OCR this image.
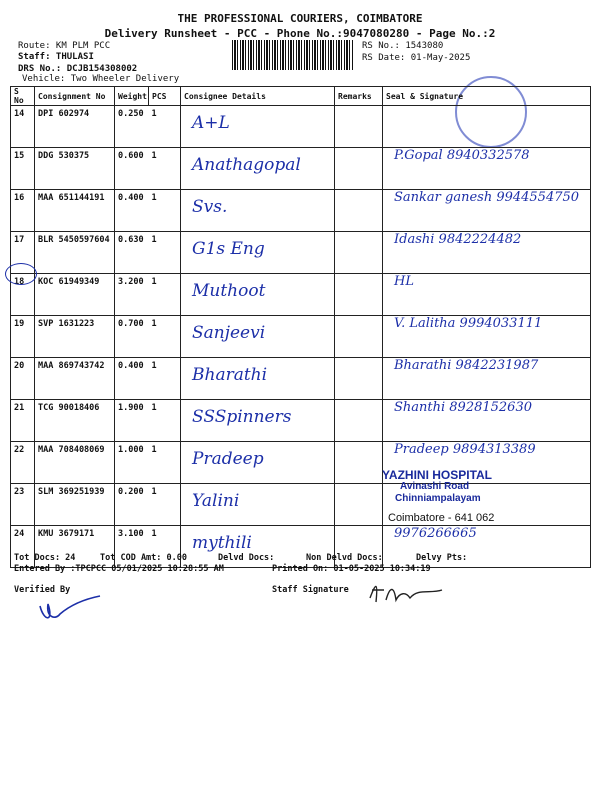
THE PROFESSIONAL COURIERS, COIMBATORE
Delivery Runsheet - PCC - Phone No.:9047080280 - Page No.:2
Route: KM PLM PCC
Staff: THULASI
DRS No.: DCJB154308002
Vehicle: Two Wheeler Delivery
RS No.: 1543080
RS Date: 01-May-2025
S No	Consignment No	Weight	PCS	Consignee Details	Remarks	Seal & Signature
14	DPI 602974	0.250	1	A+L		

15	DDG 530375	0.600	1	Anathagopal		P.Gopal 8940332578

16	MAA 651144191	0.400	1	Svs.		Sankar ganesh 9944554750

17	BLR 5450597604	0.630	1	G1s Eng		Idashi 9842224482

18	KOC 61949349	3.200	1	Muthoot		HL

19	SVP 1631223	0.700	1	Sanjeevi		V. Lalitha 9994033111

20	MAA 869743742	0.400	1	Bharathi		Bharathi 9842231987

21	TCG 90018406	1.900	1	SSSpinners		Shanthi 8928152630

22	MAA 708408069	1.000	1	Pradeep		Pradeep 9894313389

23	SLM 369251939	0.200	1	Yalini		

24	KMU 3679171	3.100	1	mythili		9976266665
YAZHINI HOSPITAL
Avinashi Road
Chinniampalayam
Coimbatore - 641 062
Tot Docs: 24	Tot COD Amt: 0.00	Delvd Docs:	Non Delvd Docs:	Delvy Pts:
Entered By :TPCPCC 05/01/2025 10:28:55 AM	Printed On: 01-05-2025 10:34:19
Verified By	Staff Signature
